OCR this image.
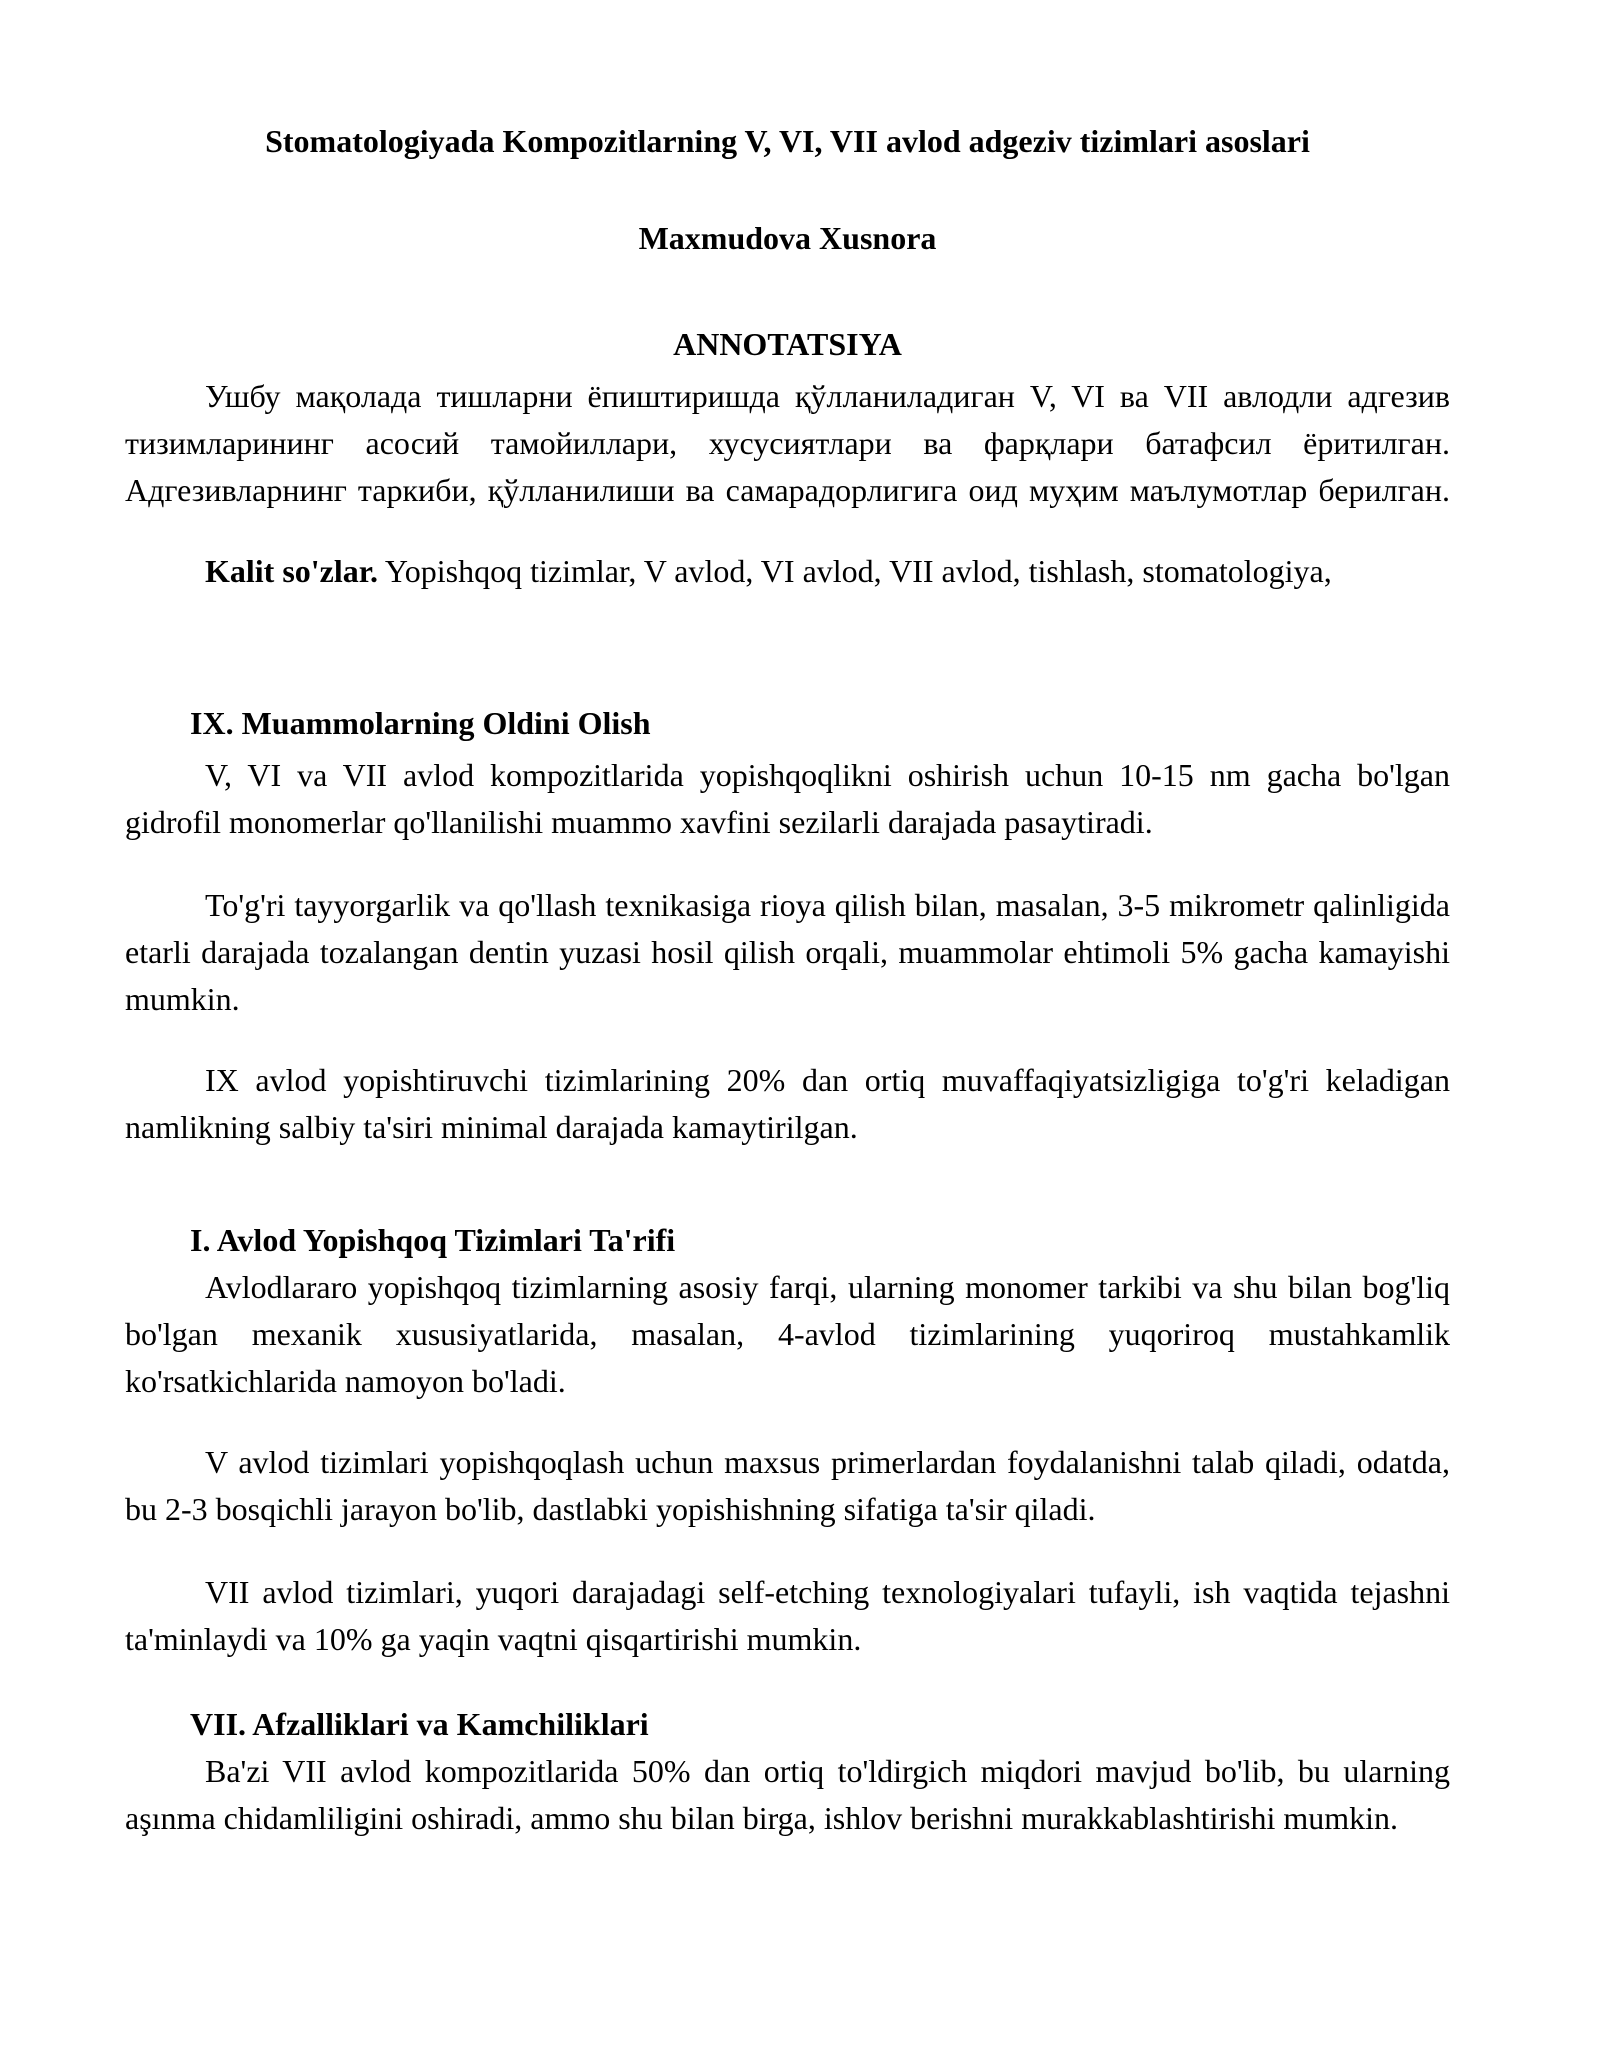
Stomatologiyada Kompozitlarning V, VI, VII avlod adgeziv tizimlari asoslari

Maxmudova Xusnora

ANNOTATSIYA

Ушбу мақолада тишларни ёпиштиришда қўлланиладиган V, VI ва VII авлодли адгезив тизимларининг асосий тамойиллари, хусусиятлари ва фарқлари батафсил ёритилган. Адгезивларнинг таркиби, қўлланилиши ва самарадорлигига оид муҳим маълумотлар берилган.

Kalit so'zlar. Yopishqoq tizimlar, V avlod, VI avlod, VII avlod, tishlash, stomatologiya,

IX. Muammolarning Oldini Olish

V, VI va VII avlod kompozitlarida yopishqoqlikni oshirish uchun 10-15 nm gacha bo'lgan gidrofil monomerlar qo'llanilishi muammo xavfini sezilarli darajada pasaytiradi.

To'g'ri tayyorgarlik va qo'llash texnikasiga rioya qilish bilan, masalan, 3-5 mikrometr qalinligida etarli darajada tozalangan dentin yuzasi hosil qilish orqali, muammolar ehtimoli 5% gacha kamayishi mumkin.

IX avlod yopishtiruvchi tizimlarining 20% dan ortiq muvaffaqiyatsizligiga to'g'ri keladigan namlikning salbiy ta'siri minimal darajada kamaytirilgan.

I. Avlod Yopishqoq Tizimlari Ta'rifi

Avlodlararo yopishqoq tizimlarning asosiy farqi, ularning monomer tarkibi va shu bilan bog'liq bo'lgan mexanik xususiyatlarida, masalan, 4-avlod tizimlarining yuqoriroq mustahkamlik ko'rsatkichlarida namoyon bo'ladi.

V avlod tizimlari yopishqoqlash uchun maxsus primerlardan foydalanishni talab qiladi, odatda, bu 2-3 bosqichli jarayon bo'lib, dastlabki yopishishning sifatiga ta'sir qiladi.

VII avlod tizimlari, yuqori darajadagi self-etching texnologiyalari tufayli, ish vaqtida tejashni ta'minlaydi va 10% ga yaqin vaqtni qisqartirishi mumkin.

VII. Afzalliklari va Kamchiliklari

Ba'zi VII avlod kompozitlarida 50% dan ortiq to'ldirgich miqdori mavjud bo'lib, bu ularning aşınma chidamliligini oshiradi, ammo shu bilan birga, ishlov berishni murakkablashtirishi mumkin.
